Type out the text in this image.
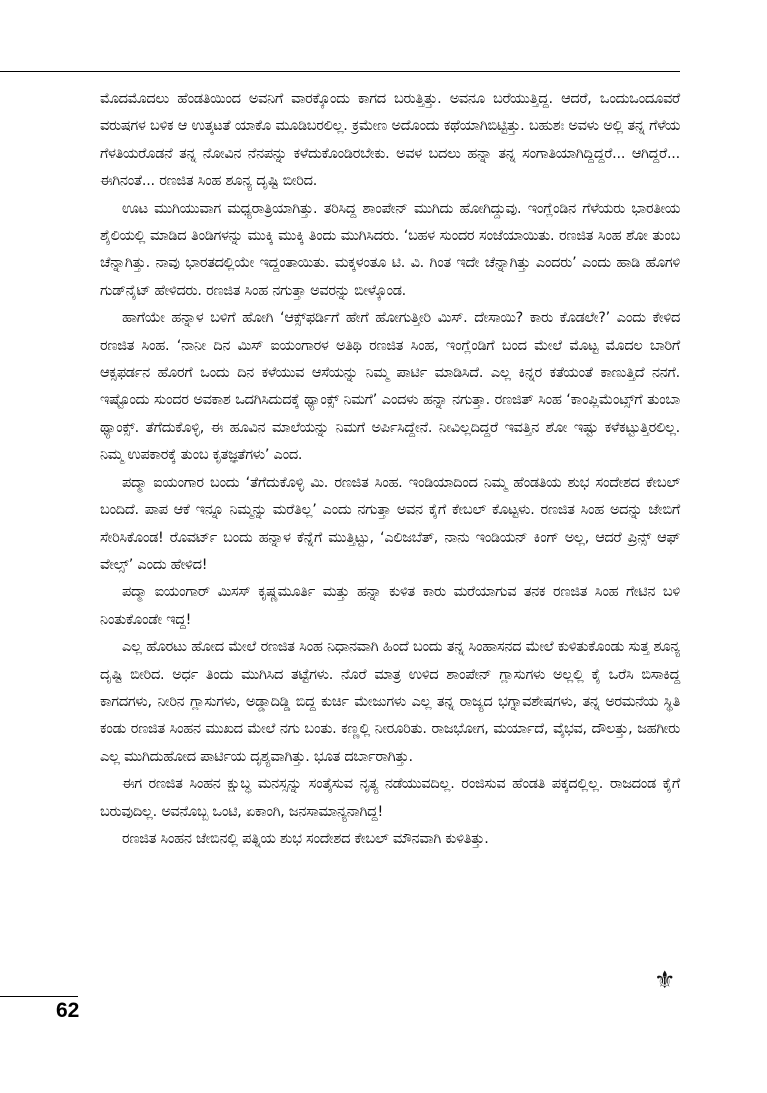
ಮೊದಮೊದಲು ಹೆಂಡತಿಯಿಂದ ಅವನಿಗೆ ವಾರಕ್ಕೊಂದು ಕಾಗದ ಬರುತ್ತಿತ್ತು. ಅವನೂ ಬರೆಯುತ್ತಿದ್ದ. ಆದರೆ, ಒಂದುಒಂದೂವರೆ ವರುಷಗಳ ಬಳಿಕ ಆ ಉತ್ಕಟತೆ ಯಾಕೊ ಮೂಡಿಬರಲಿಲ್ಲ. ಕ್ರಮೇಣ ಅದೊಂದು ಕಥೆಯಾಗಿಬಿಟ್ಟಿತ್ತು. ಬಹುಶಃ ಅವಳು ಅಲ್ಲಿ ತನ್ನ ಗೆಳೆಯ ಗೆಳತಿಯರೊಡನೆ ತನ್ನ ನೋವಿನ ನೆನಪನ್ನು ಕಳೆದುಕೊಂಡಿರಬೇಕು. ಅವಳ ಬದಲು ಹನ್ನಾ ತನ್ನ ಸಂಗಾತಿಯಾಗಿದ್ದಿದ್ದರೆ... ಆಗಿದ್ದರೆ... ಈಗಿನಂತೆ... ರಣಜಿತ ಸಿಂಹ ಶೂನ್ಯ ದೃಷ್ಟಿ ಬೀರಿದ.

ಊಟ ಮುಗಿಯುವಾಗ ಮಧ್ಯರಾತ್ರಿಯಾಗಿತ್ತು. ತರಿಸಿದ್ದ ಶಾಂಪೇನ್ ಮುಗಿದು ಹೋಗಿದ್ದುವು. ಇಂಗ್ಲೆಂಡಿನ ಗೆಳೆಯರು ಭಾರತೀಯ ಶೈಲಿಯಲ್ಲಿ ಮಾಡಿದ ತಿಂಡಿಗಳನ್ನು ಮುಕ್ಕಿ ಮುಕ್ಕಿ ತಿಂದು ಮುಗಿಸಿದರು. ‘ಬಹಳ ಸುಂದರ ಸಂಜೆಯಾಯಿತು. ರಣಜಿತ ಸಿಂಹ ಶೋ ತುಂಬ ಚೆನ್ನಾಗಿತ್ತು. ನಾವು ಭಾರತದಲ್ಲಿಯೇ ಇದ್ದಂತಾಯಿತು. ಮಕ್ಕಳಂತೂ ಟಿ. ವಿ. ಗಿಂತ ಇದೇ ಚೆನ್ನಾಗಿತ್ತು ಎಂದರು’ ಎಂದು ಹಾಡಿ ಹೊಗಳಿ ಗುಡ್‌ನೈಟ್ ಹೇಳಿದರು. ರಣಜಿತ ಸಿಂಹ ನಗುತ್ತಾ ಅವರನ್ನು ಬೀಳ್ಕೊಂಡ.

ಹಾಗೆಯೇ ಹನ್ನಾಳ ಬಳಿಗೆ ಹೋಗಿ ‘ಆಕ್ಸ್‌ಫರ್ಡಿಗೆ ಹೇಗೆ ಹೋಗುತ್ತೀರಿ ಮಿಸ್. ದೇಸಾಯಿ? ಕಾರು ಕೊಡಲೇ?’ ಎಂದು ಕೇಳಿದ ರಣಜಿತ ಸಿಂಹ. ‘ನಾನೀ ದಿನ ಮಿಸ್ ಐಯಂಗಾರಳ ಅತಿಥಿ ರಣಜಿತ ಸಿಂಹ, ಇಂಗ್ಲೆಂಡಿಗೆ ಬಂದ ಮೇಲೆ ಮೊಟ್ಟ ಮೊದಲ ಬಾರಿಗೆ ಆಕ್ಸಫರ್ಡನ ಹೊರಗೆ ಒಂದು ದಿನ ಕಳೆಯುವ ಆಸೆಯನ್ನು ನಿಮ್ಮ ಪಾರ್ಟಿ ಮಾಡಿಸಿದೆ. ಎಲ್ಲ ಕಿನ್ನರ ಕತೆಯಂತೆ ಕಾಣುತ್ತಿದೆ ನನಗೆ. ಇಷ್ಟೊಂದು ಸುಂದರ ಅವಕಾಶ ಒದಗಿಸಿದುದಕ್ಕೆ ಥ್ಯಾಂಕ್ಸ್ ನಿಮಗೆ’ ಎಂದಳು ಹನ್ನಾ ನಗುತ್ತಾ. ರಣಜಿತ್ ಸಿಂಹ ‘ಕಾಂಪ್ಲಿಮೆಂಟ್ಸ್‌ಗೆ ತುಂಬಾ ಥ್ಯಾಂಕ್ಸ್. ತೆಗೆದುಕೊಳ್ಳಿ, ಈ ಹೂವಿನ ಮಾಲೆಯನ್ನು ನಿಮಗೆ ಅರ್ಪಿಸಿದ್ದೇನೆ. ನೀವಿಲ್ಲದಿದ್ದರೆ ಇವತ್ತಿನ ಶೋ ಇಷ್ಟು ಕಳೆಕಟ್ಟುತ್ತಿರಲಿಲ್ಲ. ನಿಮ್ಮ ಉಪಕಾರಕ್ಕೆ ತುಂಬ ಕೃತಜ್ಞತೆಗಳು’ ಎಂದ.

ಪದ್ಮಾ ಐಯಂಗಾರ ಬಂದು ‘ತೆಗೆದುಕೊಳ್ಳಿ ಮಿ. ರಣಜಿತ ಸಿಂಹ. ಇಂಡಿಯಾದಿಂದ ನಿಮ್ಮ ಹೆಂಡತಿಯ ಶುಭ ಸಂದೇಶದ ಕೇಬಲ್ ಬಂದಿದೆ. ಪಾಪ ಆಕೆ ಇನ್ನೂ ನಿಮ್ಮನ್ನು ಮರೆತಿಲ್ಲ’ ಎಂದು ನಗುತ್ತಾ ಅವನ ಕೈಗೆ ಕೇಬಲ್ ಕೊಟ್ಟಳು. ರಣಜಿತ ಸಿಂಹ ಅದನ್ನು ಜೇಬಿಗೆ ಸೇರಿಸಿಕೊಂಡ! ರೊವರ್ಟ್ ಬಂದು ಹನ್ನಾಳ ಕೆನ್ನೆಗೆ ಮುತ್ತಿಟ್ಟು, ‘ಎಲಿಜಬೆತ್, ನಾನು ಇಂಡಿಯನ್ ಕಿಂಗ್ ಅಲ್ಲ, ಆದರೆ ಪ್ರಿನ್ಸ್ ಆಫ್ ವೇಲ್ಸ್’ ಎಂದು ಹೇಳಿದ!

ಪದ್ಮಾ ಐಯಂಗಾರ್ ಮಿಸಸ್ ಕೃಷ್ಣಮೂರ್ತಿ ಮತ್ತು ಹನ್ನಾ ಕುಳಿತ ಕಾರು ಮರೆಯಾಗುವ ತನಕ ರಣಜಿತ ಸಿಂಹ ಗೇಟಿನ ಬಳಿ ನಿಂತುಕೊಂಡೇ ಇದ್ದ!

ಎಲ್ಲ ಹೊರಟು ಹೋದ ಮೇಲೆ ರಣಜಿತ ಸಿಂಹ ನಿಧಾನವಾಗಿ ಹಿಂದೆ ಬಂದು ತನ್ನ ಸಿಂಹಾಸನದ ಮೇಲೆ ಕುಳಿತುಕೊಂಡು ಸುತ್ತ ಶೂನ್ಯ ದೃಷ್ಟಿ ಬೀರಿದ. ಅರ್ಧ ತಿಂದು ಮುಗಿಸಿದ ತಟ್ಟೆಗಳು. ನೊರೆ ಮಾತ್ರ ಉಳಿದ ಶಾಂಪೇನ್ ಗ್ಲಾಸುಗಳು ಅಲ್ಲಲ್ಲಿ ಕೈ ಒರೆಸಿ ಬಿಸಾಕಿದ್ದ ಕಾಗದಗಳು, ನೀರಿನ ಗ್ಲಾಸುಗಳು, ಅಡ್ಡಾದಿಡ್ಡಿ ಬಿದ್ದ ಕುರ್ಚಿ ಮೇಜುಗಳು ಎಲ್ಲ ತನ್ನ ರಾಜ್ಯದ ಭಗ್ನಾವಶೇಷಗಳು, ತನ್ನ ಅರಮನೆಯ ಸ್ಥಿತಿ ಕಂಡು ರಣಜಿತ ಸಿಂಹನ ಮುಖದ ಮೇಲೆ ನಗು ಬಂತು. ಕಣ್ಣಲ್ಲಿ ನೀರೂರಿತು. ರಾಜಭೋಗ, ಮರ್ಯಾದೆ, ವೈಭವ, ದೌಲತ್ತು, ಜಹಗೀರು ಎಲ್ಲ ಮುಗಿದುಹೋದ ಪಾರ್ಟಿಯ ದೃಶ್ಯವಾಗಿತ್ತು. ಭೂತ ದರ್ಬಾರಾಗಿತ್ತು.

ಈಗ ರಣಜಿತ ಸಿಂಹನ ಕ್ಷುಬ್ಧ ಮನಸ್ಸನ್ನು ಸಂತೈಸುವ ನೃತ್ಯ ನಡೆಯುವದಿಲ್ಲ. ರಂಜಿಸುವ ಹೆಂಡತಿ ಪಕ್ಕದಲ್ಲಿಲ್ಲ. ರಾಜದಂಡ ಕೈಗೆ ಬರುವುದಿಲ್ಲ. ಅವನೊಬ್ಬ ಒಂಟಿ, ಏಕಾಂಗಿ, ಜನಸಾಮಾನ್ಯನಾಗಿದ್ದ!

ರಣಜಿತ ಸಿಂಹನ ಜೇಬಿನಲ್ಲಿ ಪತ್ನಿಯ ಶುಭ ಸಂದೇಶದ ಕೇಬಲ್ ಮೌನವಾಗಿ ಕುಳಿತಿತ್ತು.

⚜
62
